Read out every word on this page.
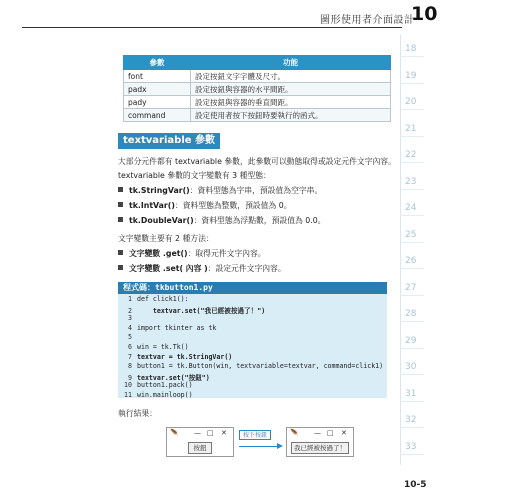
圖形使用者介面設計
10
18
19
20
21
22
23
24
25
26
27
28
29
30
31
32
33
參數	功能
font	設定按鈕文字字體及尺寸。
padx	設定按鈕與容器的水平間距。
pady	設定按鈕與容器的垂直間距。
command	設定使用者按下按鈕時要執行的函式。
textvariable 參數
大部分元件都有 textvariable 參數，此參數可以動態取得或設定元件文字內容。
textvariable 參數的文字變數有 3 種型態：
tk.StringVar()：資料型態為字串，預設值為空字串。
tk.IntVar()：資料型態為整數，預設值為 0。
tk.DoubleVar()：資料型態為浮點數，預設值為 0.0。
文字變數主要有 2 種方法：
文字變數 .get()：取得元件文字內容。
文字變數 .set( 內容 )：設定元件文字內容。
程式碼：tkbutton1.py
1 def click1():
2    textvar.set("我已經被按過了！")
3
4 import tkinter as tk
5
6 win = tk.Tk()
7 textvar = tk.StringVar()
8 button1 = tk.Button(win, textvariable=textvar, command=click1)
9 textvar.set("按鈕")
10 button1.pack()
11 win.mainloop()
執行結果：
🪶 — □ ✕
按鈕
按下按鈕	🪶 — □ ✕
我已經被按過了！
10-5
